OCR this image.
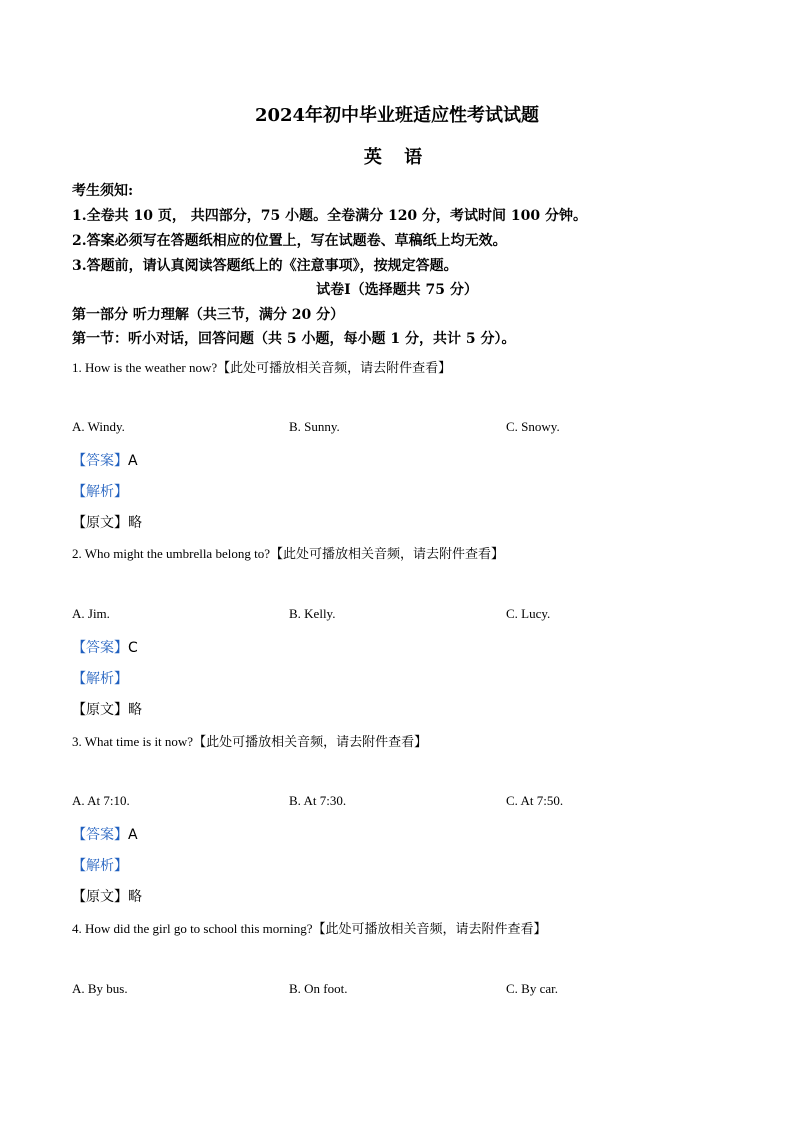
2024年初中毕业班适应性考试试题
英 语
考生须知:
1.全卷共 10 页， 共四部分，75 小题。全卷满分 120 分，考试时间 100 分钟。
2.答案必须写在答题纸相应的位置上，写在试题卷、草稿纸上均无效。
3.答题前，请认真阅读答题纸上的《注意事项》，按规定答题。
试卷Ⅰ（选择题共 75 分）
第一部分 听力理解（共三节，满分 20 分）
第一节：听小对话，回答问题（共 5 小题，每小题 1 分，共计 5 分）。
1. How is the weather now?【此处可播放相关音频，请去附件查看】
A. Windy.	B. Sunny.	C. Snowy.
【答案】A
【解析】
【原文】略
2. Who might the umbrella belong to?【此处可播放相关音频，请去附件查看】
A. Jim.	B. Kelly.	C. Lucy.
【答案】C
【解析】
【原文】略
3. What time is it now?【此处可播放相关音频，请去附件查看】
A. At 7:10.	B. At 7:30.	C. At 7:50.
【答案】A
【解析】
【原文】略
4. How did the girl go to school this morning?【此处可播放相关音频，请去附件查看】
A. By bus.	B. On foot.	C. By car.
